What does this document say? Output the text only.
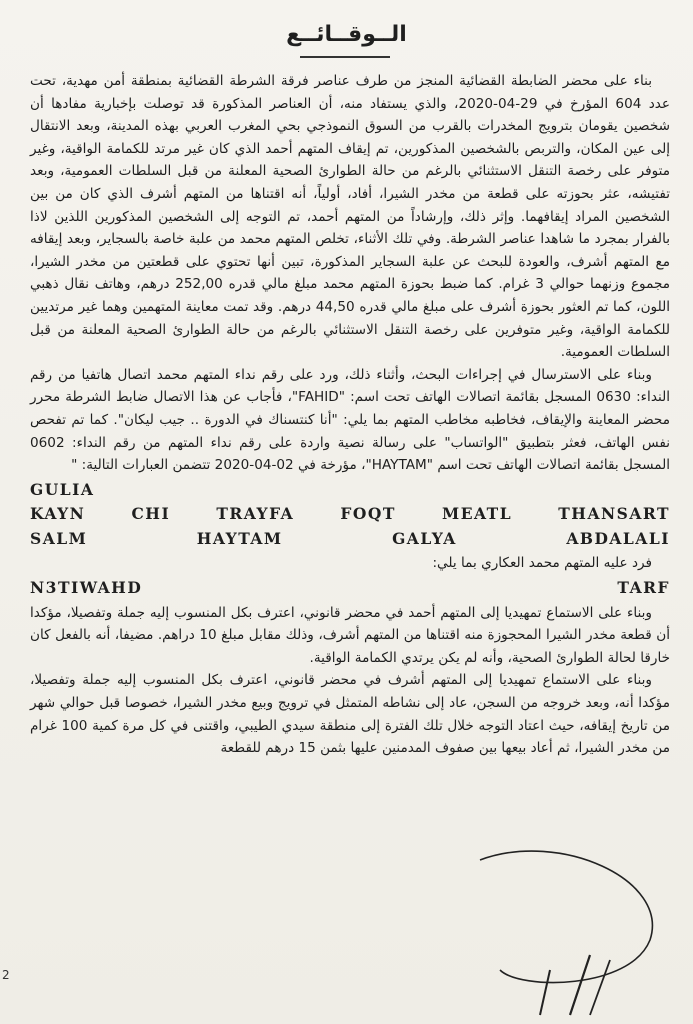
الــوقــائــع

بناء على محضر الضابطة القضائية المنجز من طرف عناصر فرقة الشرطة القضائية بمنطقة أمن مهدية، تحت عدد 604 المؤرخ في 29-04-2020، والذي يستفاد منه، أن العناصر المذكورة قد توصلت بإخبارية مفادها أن شخصين يقومان بترويج المخدرات بالقرب من السوق النموذجي بحي المغرب العربي بهذه المدينة، وبعد الانتقال إلى عين المكان، والتربص بالشخصين المذكورين، تم إيقاف المتهم أحمد الذي كان غير مرتد للكمامة الواقية، وغير متوفر على رخصة التنقل الاستثنائي بالرغم من حالة الطوارئ الصحية المعلنة من قبل السلطات العمومية، وبعد تفتيشه، عثر بحوزته على قطعة من مخدر الشيرا، أفاد، أولياً، أنه اقتناها من المتهم أشرف الذي كان من بين الشخصين المراد إيقافهما. وإثر ذلك، وإرشاداً من المتهم أحمد، تم التوجه إلى الشخصين المذكورين اللذين لاذا بالفرار بمجرد ما شاهدا عناصر الشرطة. وفي تلك الأثناء، تخلص المتهم محمد من علبة خاصة بالسجاير، وبعد إيقافه مع المتهم أشرف، والعودة للبحث عن علبة السجاير المذكورة، تبين أنها تحتوي على قطعتين من مخدر الشيرا، مجموع وزنهما حوالي 3 غرام. كما ضبط بحوزة المتهم محمد مبلغ مالي قدره 252,00 درهم، وهاتف نقال ذهبي اللون، كما تم العثور بحوزة أشرف على مبلغ مالي قدره 44,50 درهم. وقد تمت معاينة المتهمين وهما غير مرتديين للكمامة الواقية، وغير متوفرين على رخصة التنقل الاستثنائي بالرغم من حالة الطوارئ الصحية المعلنة من قبل السلطات العمومية.

وبناء على الاسترسال في إجراءات البحث، وأثناء ذلك، ورد على رقم نداء المتهم محمد اتصال هاتفيا من رقم النداء: 0630 المسجل بقائمة اتصالات الهاتف تحت اسم: "FAHID"، فأجاب عن هذا الاتصال ضابط الشرطة محرر محضر المعاينة والإيقاف، فخاطبه مخاطب المتهم بما يلي: "أنا كنتسناك في الدورة .. جيب ليكان". كما تم تفحص نفس الهاتف، فعثر بتطبيق "الواتساب" على رسالة نصية واردة على رقم نداء المتهم من رقم النداء: 0602 المسجل بقائمة اتصالات الهاتف تحت اسم "HAYTAM"، مؤرخة في 02-04-2020 تتضمن العبارات التالية: "

GULIA
KAYN CHI TRAYFA FOQT MEATL THANSART
SALM HAYTAM GALYA ABDALALI

فرد عليه المتهم محمد العكاري بما يلي:

N3TIWAHD TARF

وبناء على الاستماع تمهيديا إلى المتهم أحمد في محضر قانوني، اعترف بكل المنسوب إليه جملة وتفصيلا، مؤكدا أن قطعة مخدر الشيرا المحجوزة منه اقتناها من المتهم أشرف، وذلك مقابل مبلغ 10 دراهم. مضيفا، أنه بالفعل كان خارقا لحالة الطوارئ الصحية، وأنه لم يكن يرتدي الكمامة الواقية.

وبناء على الاستماع تمهيديا إلى المتهم أشرف في محضر قانوني، اعترف بكل المنسوب إليه جملة وتفصيلا، مؤكدا أنه، وبعد خروجه من السجن، عاد إلى نشاطه المتمثل في ترويج وبيع مخدر الشيرا، خصوصا قبل حوالي شهر من تاريخ إيقافه، حيث اعتاد التوجه خلال تلك الفترة إلى منطقة سيدي الطيبي، واقتنى في كل مرة كمية 100 غرام من مخدر الشيرا، ثم أعاد بيعها بين صفوف المدمنين عليها بثمن 15 درهم للقطعة

2
